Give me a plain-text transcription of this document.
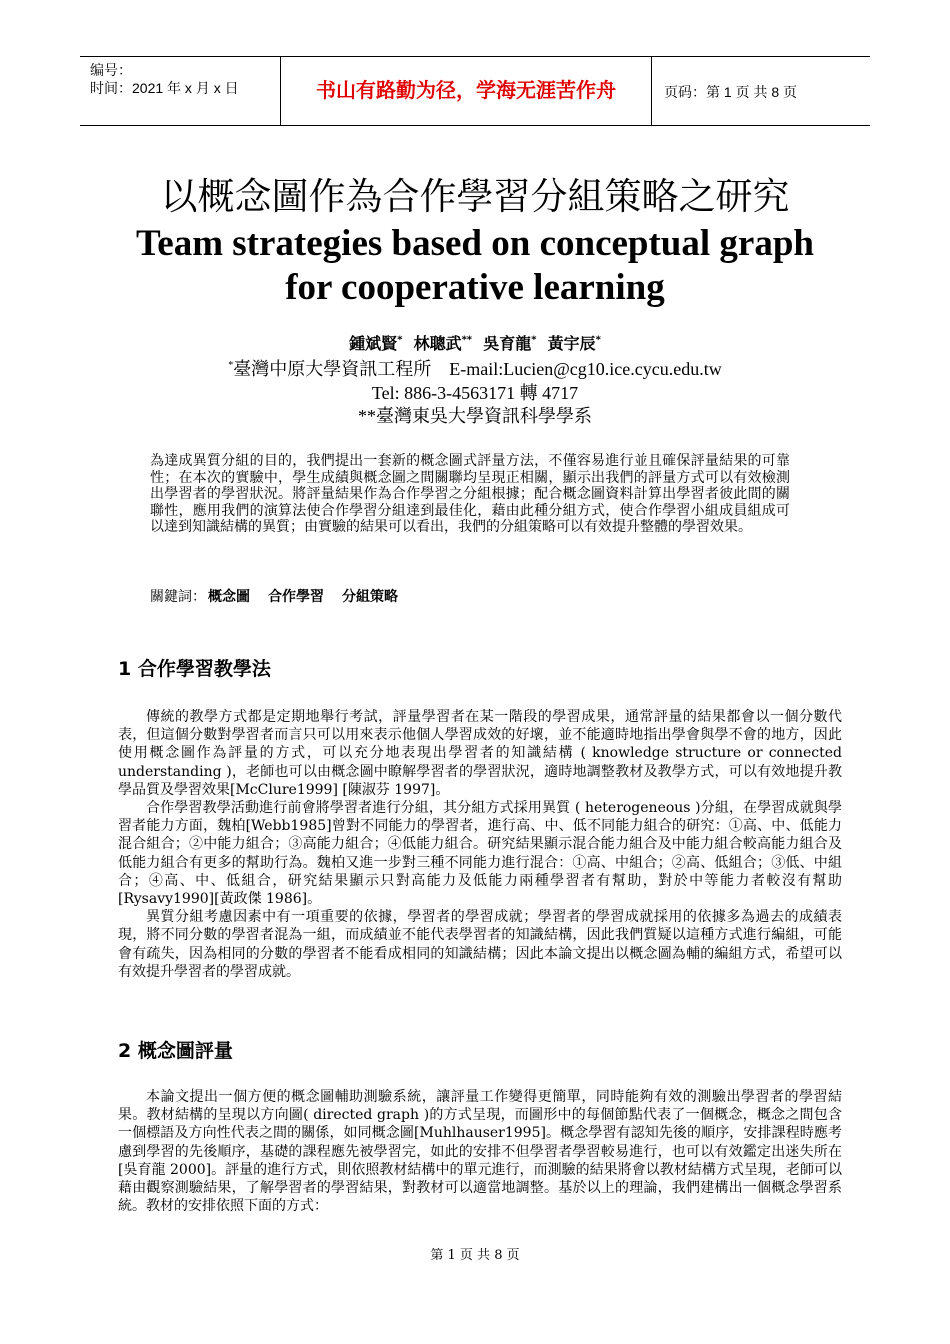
编号：
时间：2021 年 x 月 x 日	书山有路勤为径，学海无涯苦作舟	页码：第 1 页 共 8 页
以概念圖作為合作學習分組策略之研究
Team strategies based on conceptual graph
for cooperative learning
鍾斌賢* 林聰武** 吳育龍* 黃宇辰*
*臺灣中原大學資訊工程所　E-mail:Lucien@cg10.ice.cycu.edu.tw
Tel: 886-3-4563171 轉 4717
**臺灣東吳大學資訊科學學系
為達成異質分組的目的，我們提出一套新的概念圖式評量方法，不僅容易進行並且確保評量結果的可靠性；在本次的實驗中，學生成績與概念圖之間關聯均呈現正相關，顯示出我們的評量方式可以有效檢測出學習者的學習狀況。將評量結果作為合作學習之分組根據；配合概念圖資料計算出學習者彼此間的關聯性，應用我們的演算法使合作學習分組達到最佳化，藉由此種分組方式，使合作學習小組成員組成可以達到知識結構的異質；由實驗的結果可以看出，我們的分組策略可以有效提升整體的學習效果。
關鍵詞： 概念圖 合作學習 分組策略
1 合作學習教學法

傳統的教學方式都是定期地舉行考試，評量學習者在某一階段的學習成果，通常評量的結果都會以一個分數代表，但這個分數對學習者而言只可以用來表示他個人學習成效的好壞，並不能適時地指出學會與學不會的地方，因此使用概念圖作為評量的方式，可以充分地表現出學習者的知識結構 ( knowledge structure or connected understanding )，老師也可以由概念圖中瞭解學習者的學習狀況，適時地調整教材及教學方式，可以有效地提升教學品質及學習效果[McClure1999] [陳淑芬 1997]。

合作學習教學活動進行前會將學習者進行分組，其分組方式採用異質 ( heterogeneous )分組，在學習成就與學習者能力方面，魏柏[Webb1985]曾對不同能力的學習者，進行高、中、低不同能力組合的研究：①高、中、低能力混合組合；②中能力組合；③高能力組合；④低能力組合。研究結果顯示混合能力組合及中能力組合較高能力組合及低能力組合有更多的幫助行為。魏柏又進一步對三種不同能力進行混合：①高、中組合；②高、低組合；③低、中組合；④高、中、低組合，研究結果顯示只對高能力及低能力兩種學習者有幫助，對於中等能力者較沒有幫助[Rysavy1990][黃政傑 1986]。

異質分組考慮因素中有一項重要的依據，學習者的學習成就；學習者的學習成就採用的依據多為過去的成績表現，將不同分數的學習者混為一組，而成績並不能代表學習者的知識結構，因此我們質疑以這種方式進行編組，可能會有疏失，因為相同的分數的學習者不能看成相同的知識結構；因此本論文提出以概念圖為輔的編組方式，希望可以有效提升學習者的學習成就。

2 概念圖評量

本論文提出一個方便的概念圖輔助測驗系統，讓評量工作變得更簡單，同時能夠有效的測驗出學習者的學習結果。教材結構的呈現以方向圖( directed graph )的方式呈現，而圖形中的每個節點代表了一個概念，概念之間包含一個標語及方向性代表之間的關係，如同概念圖[Muhlhauser1995]。概念學習有認知先後的順序，安排課程時應考慮到學習的先後順序，基礎的課程應先被學習完，如此的安排不但學習者學習較易進行，也可以有效鑑定出迷失所在[吳育龍 2000]。評量的進行方式，則依照教材結構中的單元進行，而測驗的結果將會以教材結構方式呈現，老師可以藉由觀察測驗結果，了解學習者的學習結果，對教材可以適當地調整。基於以上的理論，我們建構出一個概念學習系統。教材的安排依照下面的方式：

第 1 页 共 8 页
